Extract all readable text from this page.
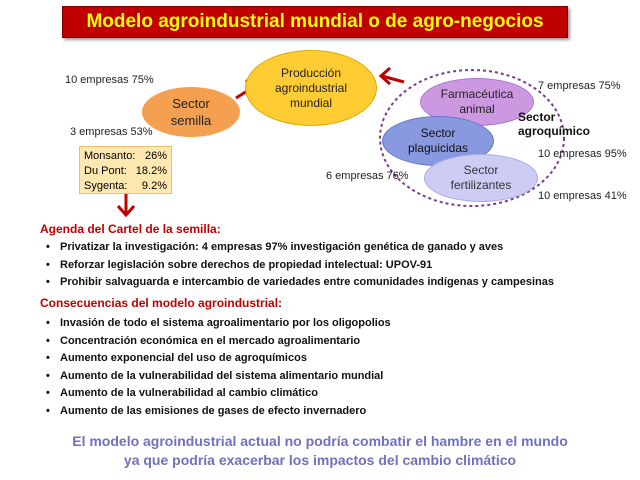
Modelo agroindustrial mundial o de agro-negocios
Producción
agroindustrial
mundial
Sector
semilla
Farmacéutica
animal
Sector
plaguicidas
Sector
fertilizantes
Sector
agroquímico
10 empresas 75%
3 empresas 53%
7 empresas 75%
10 empresas 95%
6 empresas 76%
10 empresas 41%
Monsanto: 26%
Du Pont: 18.2%
Sygenta: 9.2%
Agenda del Cartel de la semilla:
• Privatizar la investigación: 4 empresas 97% investigación genética de ganado y aves
• Reforzar legislación sobre derechos de propiedad intelectual: UPOV-91
• Prohibir salvaguarda e intercambio de variedades entre comunidades indígenas y campesinas
Consecuencias del modelo agroindustrial:
• Invasión de todo el sistema agroalimentario por los oligopolios
• Concentración económica en el mercado agroalimentario
• Aumento exponencial del uso de agroquímicos
• Aumento de la vulnerabilidad del sistema alimentario mundial
• Aumento de la vulnerabilidad al cambio climático
• Aumento de las emisiones de gases de efecto invernadero
El modelo agroindustrial actual no podría combatir el hambre en el mundo
ya que podría exacerbar los impactos del cambio climático
